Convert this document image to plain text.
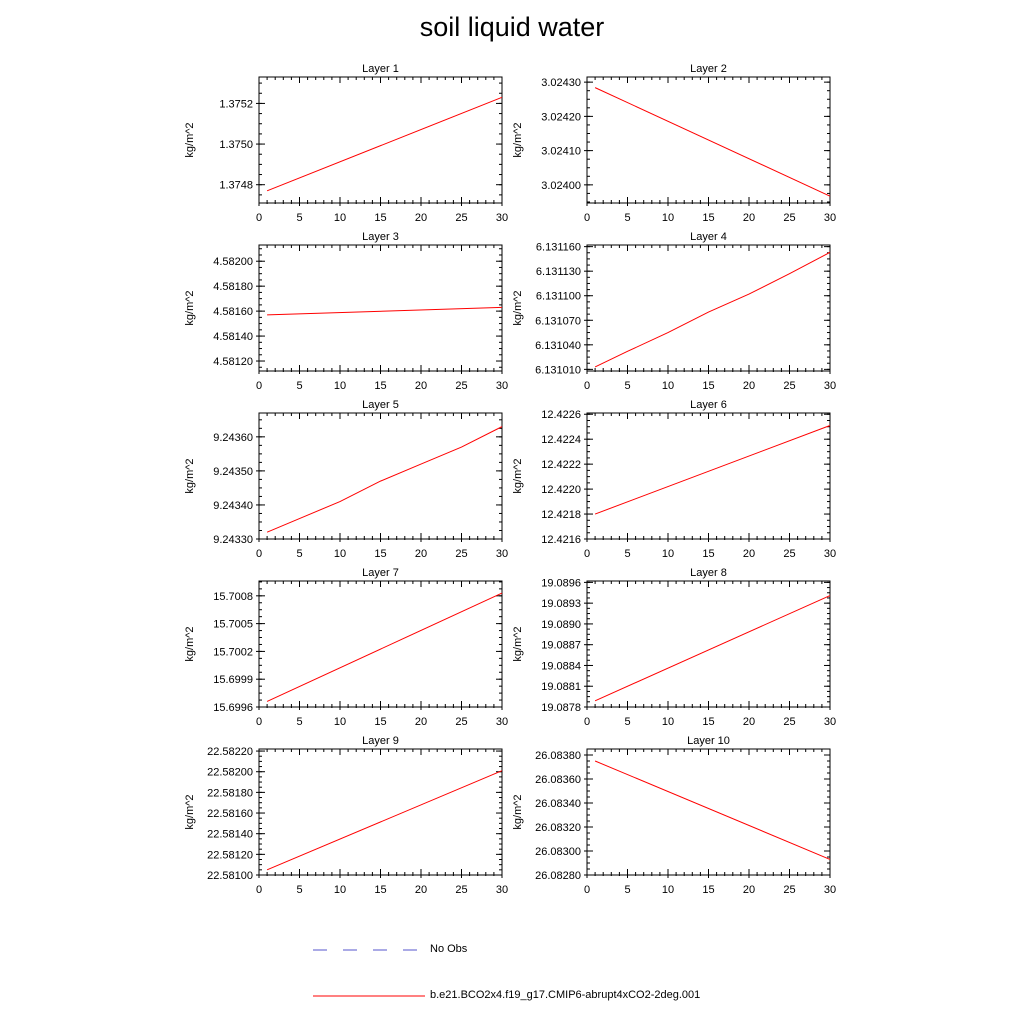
soil liquid water
Layer 1
kg/m^2
0	5	10	15	20	25	30
1.3748
1.3750
1.3752
Layer 2
kg/m^2
0	5	10	15	20	25	30
3.02400
3.02410
3.02420
3.02430
Layer 3
kg/m^2
0	5	10	15	20	25	30
4.58120
4.58140
4.58160
4.58180
4.58200
Layer 4
kg/m^2
0	5	10	15	20	25	30
6.131010
6.131040
6.131070
6.131100
6.131130
6.131160
Layer 5
kg/m^2
0	5	10	15	20	25	30
9.24330
9.24340
9.24350
9.24360
Layer 6
kg/m^2
0	5	10	15	20	25	30
12.4216
12.4218
12.4220
12.4222
12.4224
12.4226
Layer 7
kg/m^2
0	5	10	15	20	25	30
15.6996
15.6999
15.7002
15.7005
15.7008
Layer 8
kg/m^2
0	5	10	15	20	25	30
19.0878
19.0881
19.0884
19.0887
19.0890
19.0893
19.0896
Layer 9
kg/m^2
0	5	10	15	20	25	30
22.58100
22.58120
22.58140
22.58160
22.58180
22.58200
22.58220
Layer 10
kg/m^2
0	5	10	15	20	25	30
26.08280
26.08300
26.08320
26.08340
26.08360
26.08380
No Obs
b.e21.BCO2x4.f19_g17.CMIP6-abrupt4xCO2-2deg.001
